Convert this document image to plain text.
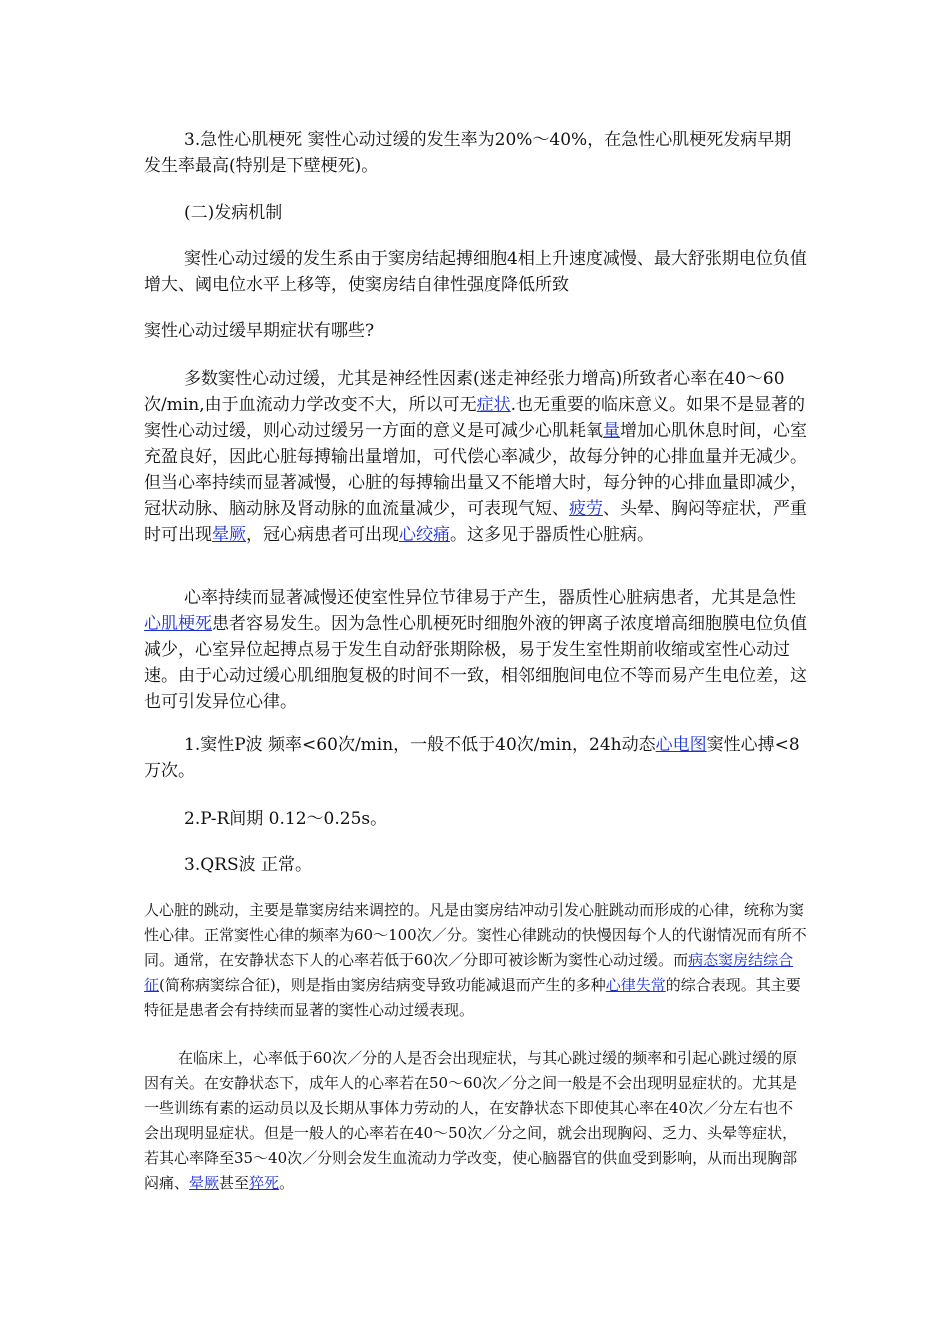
3.急性心肌梗死 窦性心动过缓的发生率为20%～40%，在急性心肌梗死发病早期发生率最高(特别是下壁梗死)。

(二)发病机制

窦性心动过缓的发生系由于窦房结起搏细胞4相上升速度减慢、最大舒张期电位负值增大、阈电位水平上移等，使窦房结自律性强度降低所致

窦性心动过缓早期症状有哪些?

多数窦性心动过缓，尤其是神经性因素(迷走神经张力增高)所致者心率在40～60次/min,由于血流动力学改变不大，所以可无症状.也无重要的临床意义。如果不是显著的窦性心动过缓，则心动过缓另一方面的意义是可减少心肌耗氧量增加心肌休息时间，心室充盈良好，因此心脏每搏输出量增加，可代偿心率减少，故每分钟的心排血量并无减少。但当心率持续而显著减慢，心脏的每搏输出量又不能增大时，每分钟的心排血量即减少，冠状动脉、脑动脉及肾动脉的血流量减少，可表现气短、疲劳、头晕、胸闷等症状，严重时可出现晕厥，冠心病患者可出现心绞痛。这多见于器质性心脏病。

心率持续而显著减慢还使室性异位节律易于产生，器质性心脏病患者，尤其是急性心肌梗死患者容易发生。因为急性心肌梗死时细胞外液的钾离子浓度增高细胞膜电位负值减少，心室异位起搏点易于发生自动舒张期除极，易于发生室性期前收缩或室性心动过速。由于心动过缓心肌细胞复极的时间不一致，相邻细胞间电位不等而易产生电位差，这也可引发异位心律。

1.窦性P波 频率<60次/min，一般不低于40次/min，24h动态心电图窦性心搏<8万次。

2.P-R间期 0.12～0.25s。

3.QRS波 正常。

人心脏的跳动，主要是靠窦房结来调控的。凡是由窦房结冲动引发心脏跳动而形成的心律，统称为窦性心律。正常窦性心律的频率为60～100次／分。窦性心律跳动的快慢因每个人的代谢情况而有所不同。通常，在安静状态下人的心率若低于60次／分即可被诊断为窦性心动过缓。而病态窦房结综合征(简称病窦综合征)，则是指由窦房结病变导致功能减退而产生的多种心律失常的综合表现。其主要特征是患者会有持续而显著的窦性心动过缓表现。

在临床上，心率低于60次／分的人是否会出现症状，与其心跳过缓的频率和引起心跳过缓的原因有关。在安静状态下，成年人的心率若在50～60次／分之间一般是不会出现明显症状的。尤其是一些训练有素的运动员以及长期从事体力劳动的人，在安静状态下即使其心率在40次／分左右也不会出现明显症状。但是一般人的心率若在40～50次／分之间，就会出现胸闷、乏力、头晕等症状，若其心率降至35～40次／分则会发生血流动力学改变，使心脑器官的供血受到影响，从而出现胸部闷痛、晕厥甚至猝死。
